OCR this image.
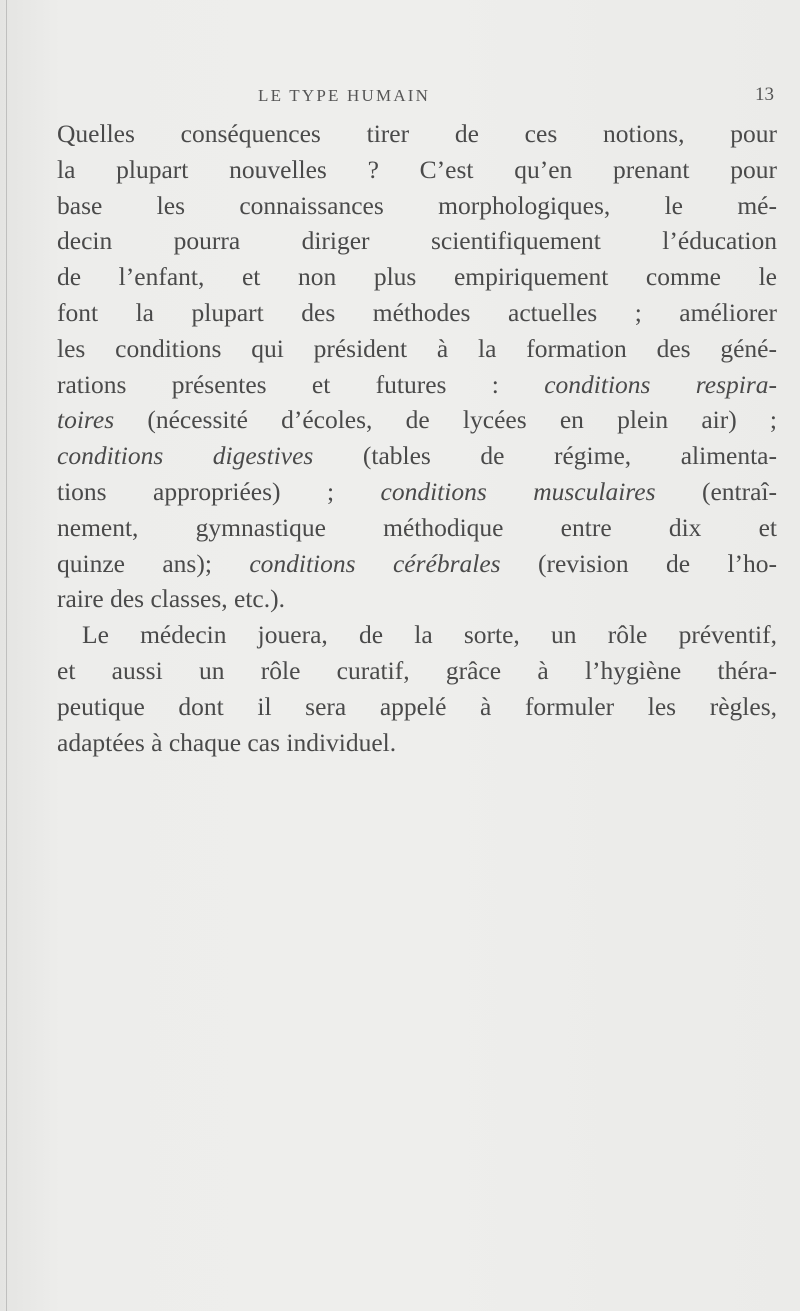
LE TYPE HUMAIN	13
Quelles conséquences tirer de ces notions, pour
la plupart nouvelles ? C’est qu’en prenant pour
base les connaissances morphologiques, le mé-
decin pourra diriger scientifiquement l’éducation
de l’enfant, et non plus empiriquement comme le
font la plupart des méthodes actuelles ; améliorer
les conditions qui président à la formation des géné-
rations présentes et futures : conditions respira-
toires (nécessité d’écoles, de lycées en plein air) ;
conditions digestives (tables de régime, alimenta-
tions appropriées) ; conditions musculaires (entraî-
nement, gymnastique méthodique entre dix et
quinze ans); conditions cérébrales (revision de l’ho-
raire des classes, etc.).
Le médecin jouera, de la sorte, un rôle préventif,
et aussi un rôle curatif, grâce à l’hygiène théra-
peutique dont il sera appelé à formuler les règles,
adaptées à chaque cas individuel.
